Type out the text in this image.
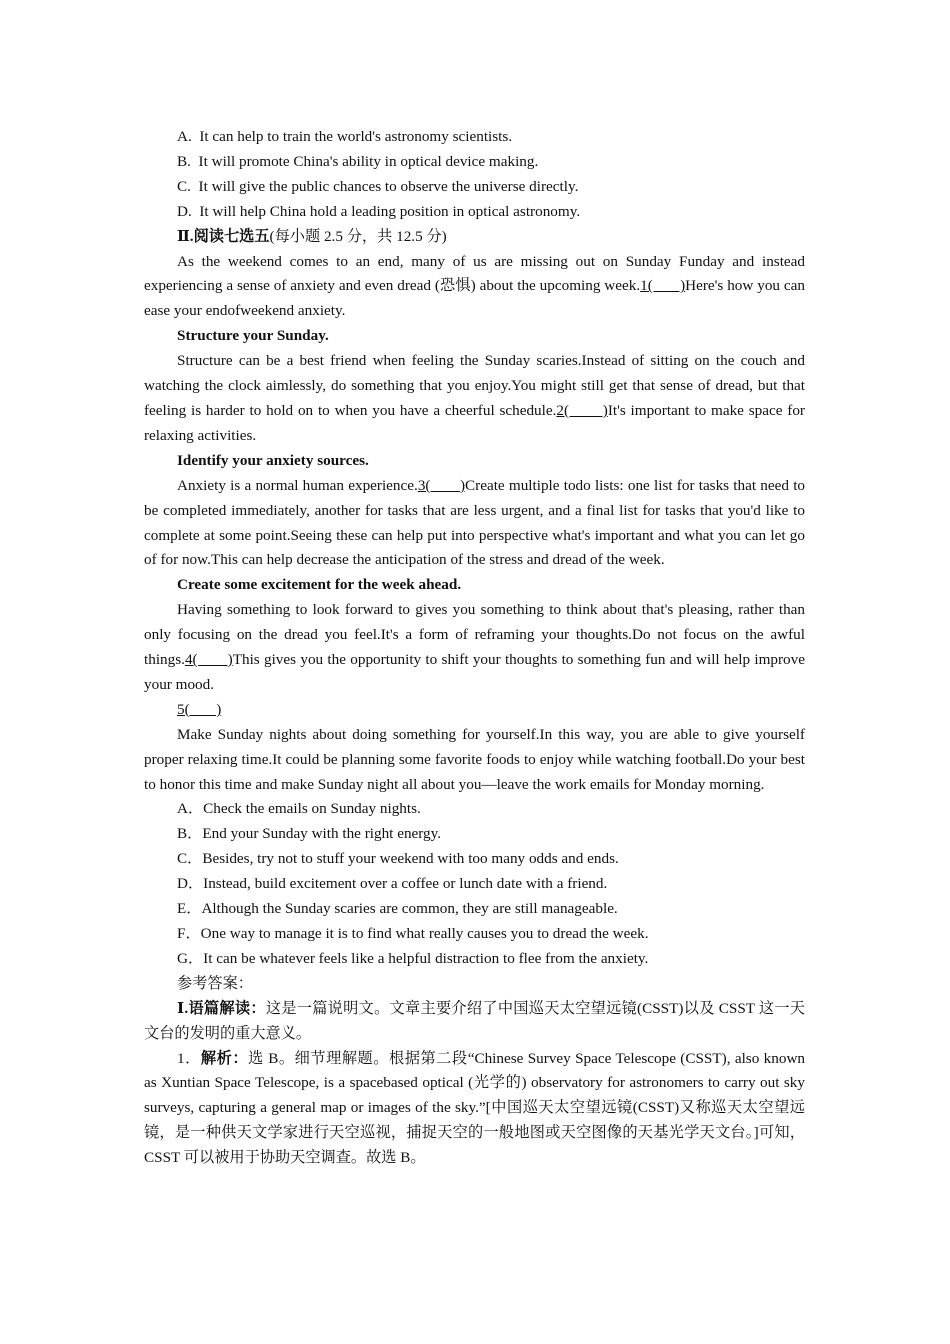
A. It can help to train the world's astronomy scientists.

B. It will promote China's ability in optical device making.

C. It will give the public chances to observe the universe directly.

D. It will help China hold a leading position in optical astronomy.

Ⅱ.阅读七选五(每小题 2.5 分，共 12.5 分)

As the weekend comes to an end, many of us are missing out on Sunday Funday and instead experiencing a sense of anxiety and even dread (恐惧) about the upcoming week.1(       )Here's how you can ease your endofweekend anxiety.

Structure your Sunday.

Structure can be a best friend when feeling the Sunday scaries.Instead of sitting on the couch and watching the clock aimlessly, do something that you enjoy.You might still get that sense of dread, but that feeling is harder to hold on to when you have a cheerful schedule.2(       )It's important to make space for relaxing activities.

Identify your anxiety sources.

Anxiety is a normal human experience.3(       )Create multiple todo lists: one list for tasks that need to be completed immediately, another for tasks that are less urgent, and a final list for tasks that you'd like to complete at some point.Seeing these can help put into perspective what's important and what you can let go of for now.This can help decrease the anticipation of the stress and dread of the week.

Create some excitement for the week ahead.

Having something to look forward to gives you something to think about that's pleasing, rather than only focusing on the dread you feel.It's a form of reframing your thoughts.Do not focus on the awful things.4(       )This gives you the opportunity to shift your thoughts to something fun and will help improve your mood.

5(       )

Make Sunday nights about doing something for yourself.In this way, you are able to give yourself proper relaxing time.It could be planning some favorite foods to enjoy while watching football.Do your best to honor this time and make Sunday night all about you—leave the work emails for Monday morning.

A．Check the emails on Sunday nights.

B．End your Sunday with the right energy.

C．Besides, try not to stuff your weekend with too many odds and ends.

D．Instead, build excitement over a coffee or lunch date with a friend.

E．Although the Sunday scaries are common, they are still manageable.

F．One way to manage it is to find what really causes you to dread the week.

G．It can be whatever feels like a helpful distraction to flee from the anxiety.

参考答案：

Ⅰ.语篇解读：这是一篇说明文。文章主要介绍了中国巡天太空望远镜(CSST)以及 CSST 这一天文台的发明的重大意义。

1．解析：选 B。细节理解题。根据第二段“Chinese Survey Space Telescope (CSST), also known as Xuntian Space Telescope, is a spacebased optical (光学的) observatory for astronomers to carry out sky surveys, capturing a general map or images of the sky.”[中国巡天太空望远镜(CSST)又称巡天太空望远镜，是一种供天文学家进行天空巡视，捕捉天空的一般地图或天空图像的天基光学天文台。]可知，CSST 可以被用于协助天空调查。故选 B。
